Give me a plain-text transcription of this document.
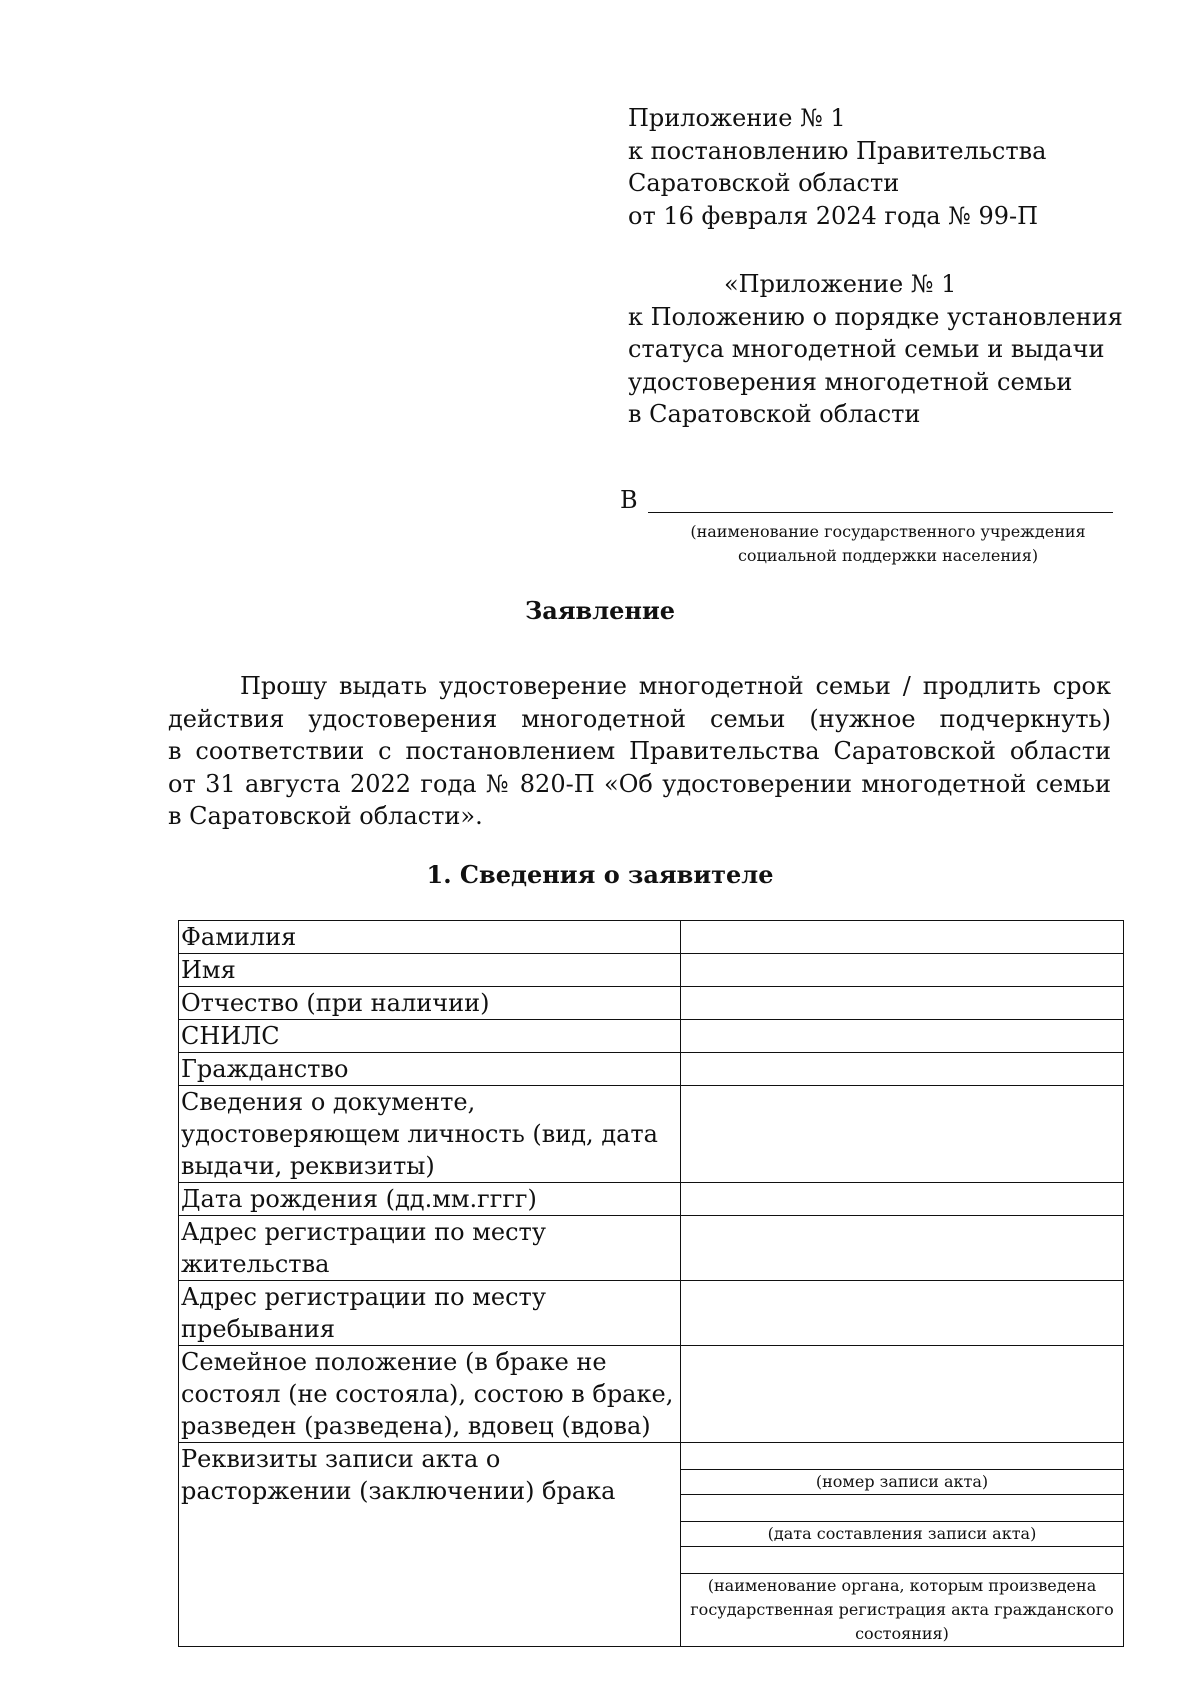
Приложение № 1
к постановлению Правительства
Саратовской области
от 16 февраля 2024 года № 99-П
«Приложение № 1
к Положению о порядке установления
статуса многодетной семьи и выдачи
удостоверения многодетной семьи
в Саратовской области
В
(наименование государственного учреждения
социальной поддержки населения)
Заявление
Прошу выдать удостоверение многодетной семьи / продлить срок
действия удостоверения многодетной семьи (нужное подчеркнуть)
в соответствии с постановлением Правительства Саратовской области
от 31 августа 2022 года № 820-П «Об удостоверении многодетной семьи
в Саратовской области».
1. Сведения о заявителе
Фамилия	
Имя	
Отчество (при наличии)	
СНИЛС	
Гражданство	
Сведения о документе, удостоверяющем личность (вид, дата выдачи, реквизиты)	
Дата рождения (дд.мм.гггг)	
Адрес регистрации по месту жительства	
Адрес регистрации по месту пребывания	
Семейное положение (в браке не состоял (не состояла), состою в браке, разведен (разведена), вдовец (вдова)	
Реквизиты записи акта о расторжении (заключении) брака	
	(номер записи акта)

	(дата составления записи акта)

	(наименование органа, которым произведена государственная регистрация акта гражданского состояния)
